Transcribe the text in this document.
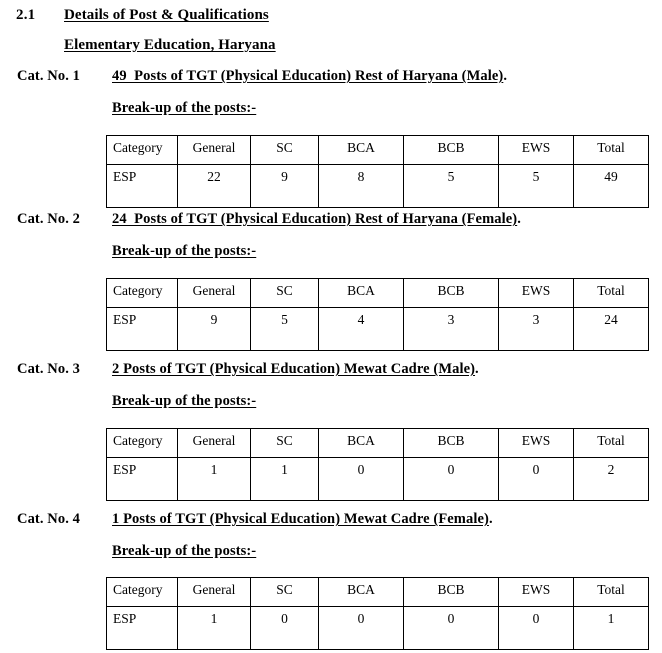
2.1	Details of Post & Qualifications
Elementary Education, Haryana
Cat. No. 1 49  Posts of TGT (Physical Education) Rest of Haryana (Male).
Break-up of the posts:-
Category	General	SC	BCA	BCB	EWS	Total
ESP	22	9	8	5	5	49
Cat. No. 2 24  Posts of TGT (Physical Education) Rest of Haryana (Female).
Break-up of the posts:-
Category	General	SC	BCA	BCB	EWS	Total
ESP	9	5	4	3	3	24
Cat. No. 3 2 Posts of TGT (Physical Education) Mewat Cadre (Male).
Break-up of the posts:-
Category	General	SC	BCA	BCB	EWS	Total
ESP	1	1	0	0	0	2
Cat. No. 4 1 Posts of TGT (Physical Education) Mewat Cadre (Female).
Break-up of the posts:-
Category	General	SC	BCA	BCB	EWS	Total
ESP	1	0	0	0	0	1
